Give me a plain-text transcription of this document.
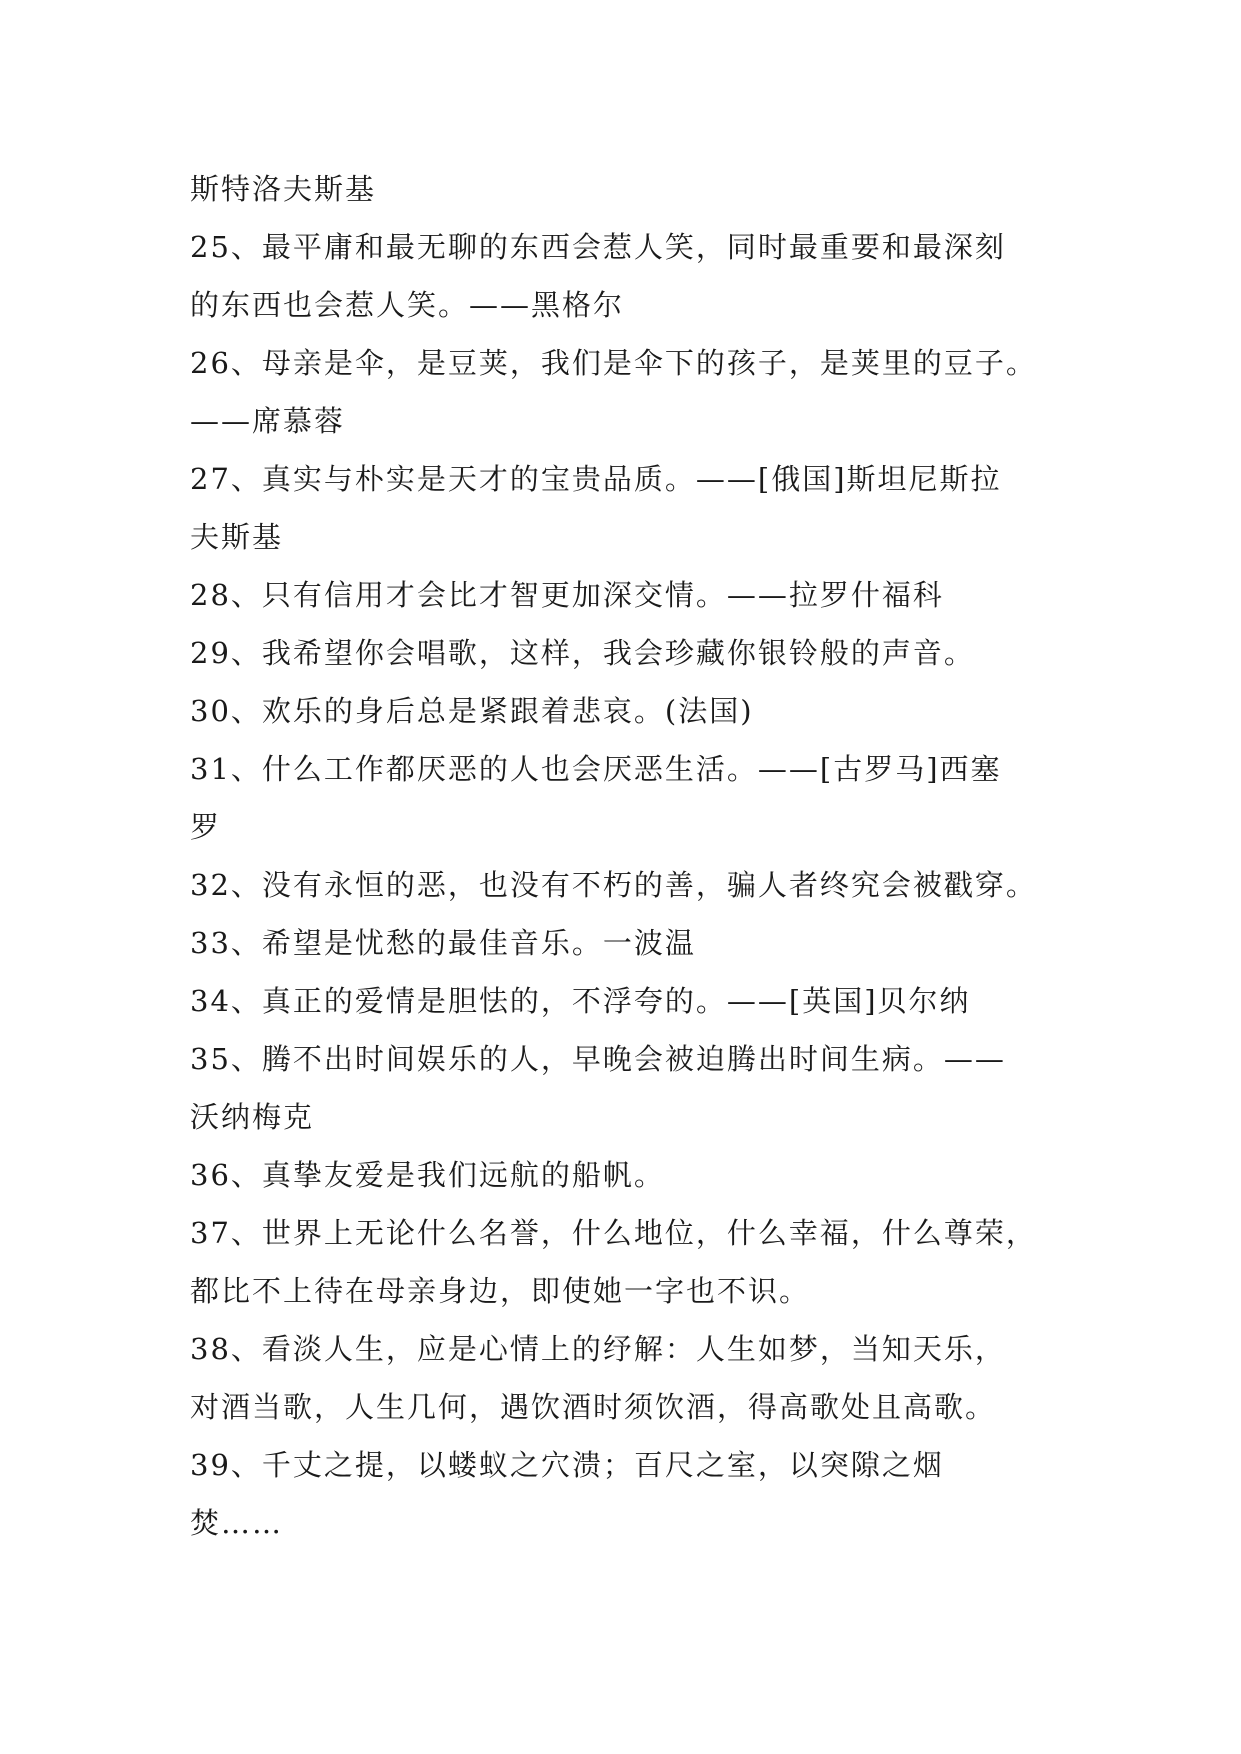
斯特洛夫斯基
25、最平庸和最无聊的东西会惹人笑，同时最重要和最深刻
的东西也会惹人笑。——黑格尔
26、母亲是伞，是豆荚，我们是伞下的孩子，是荚里的豆子。
——席慕蓉
27、真实与朴实是天才的宝贵品质。——[俄国]斯坦尼斯拉
夫斯基
28、只有信用才会比才智更加深交情。——拉罗什福科
29、我希望你会唱歌，这样，我会珍藏你银铃般的声音。
30、欢乐的身后总是紧跟着悲哀。(法国)
31、什么工作都厌恶的人也会厌恶生活。——[古罗马]西塞
罗
32、没有永恒的恶，也没有不朽的善，骗人者终究会被戳穿。
33、希望是忧愁的最佳音乐。一波温
34、真正的爱情是胆怯的，不浮夸的。——[英国]贝尔纳
35、腾不出时间娱乐的人，早晚会被迫腾出时间生病。——
沃纳梅克
36、真挚友爱是我们远航的船帆。
37、世界上无论什么名誉，什么地位，什么幸福，什么尊荣，
都比不上待在母亲身边，即使她一字也不识。
38、看淡人生，应是心情上的纾解：人生如梦，当知天乐，
对酒当歌，人生几何，遇饮酒时须饮酒，得高歌处且高歌。
39、千丈之提，以蝼蚁之穴溃；百尺之室，以突隙之烟
焚……
